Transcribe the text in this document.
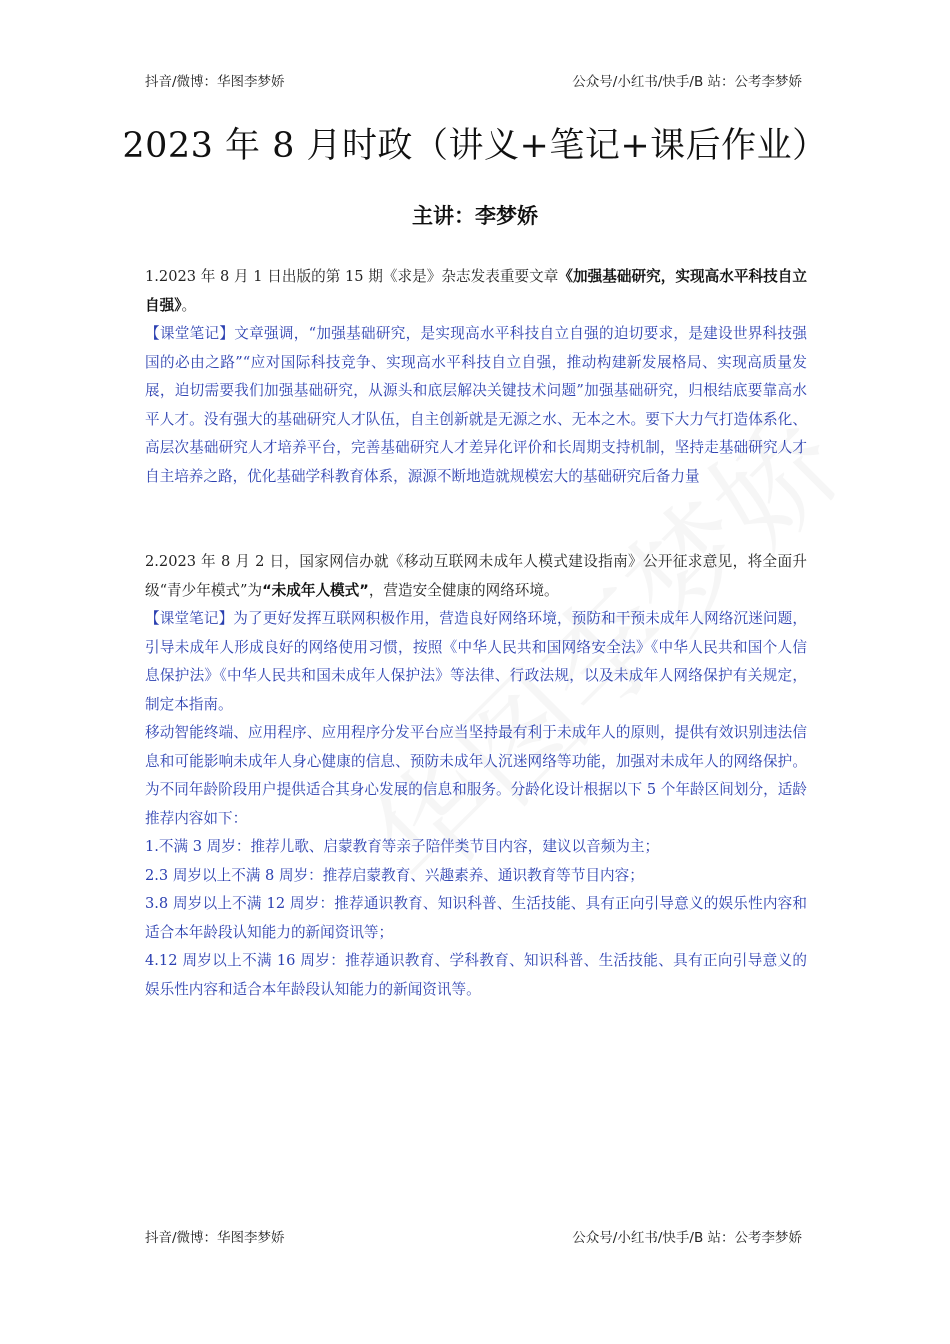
抖音/微博：华图李梦娇	公众号/小红书/快手/B 站：公考李梦娇
2023 年 8 月时政（讲义+笔记+课后作业）
主讲：李梦娇

1.2023 年 8 月 1 日出版的第 15 期《求是》杂志发表重要文章《加强基础研究，实现高水平科技自立自强》。

【课堂笔记】文章强调，“加强基础研究，是实现高水平科技自立自强的迫切要求，是建设世界科技强国的必由之路”“应对国际科技竞争、实现高水平科技自立自强，推动构建新发展格局、实现高质量发展，迫切需要我们加强基础研究，从源头和底层解决关键技术问题”加强基础研究，归根结底要靠高水平人才。没有强大的基础研究人才队伍，自主创新就是无源之水、无本之木。要下大力气打造体系化、高层次基础研究人才培养平台，完善基础研究人才差异化评价和长周期支持机制，坚持走基础研究人才自主培养之路，优化基础学科教育体系，源源不断地造就规模宏大的基础研究后备力量

2.2023 年 8 月 2 日，国家网信办就《移动互联网未成年人模式建设指南》公开征求意见，将全面升级“青少年模式”为“未成年人模式”，营造安全健康的网络环境。

【课堂笔记】为了更好发挥互联网积极作用，营造良好网络环境，预防和干预未成年人网络沉迷问题，引导未成年人形成良好的网络使用习惯，按照《中华人民共和国网络安全法》《中华人民共和国个人信息保护法》《中华人民共和国未成年人保护法》等法律、行政法规，以及未成年人网络保护有关规定，制定本指南。

移动智能终端、应用程序、应用程序分发平台应当坚持最有利于未成年人的原则，提供有效识别违法信息和可能影响未成年人身心健康的信息、预防未成年人沉迷网络等功能，加强对未成年人的网络保护。为不同年龄阶段用户提供适合其身心发展的信息和服务。分龄化设计根据以下 5 个年龄区间划分，适龄推荐内容如下：

1.不满 3 周岁：推荐儿歌、启蒙教育等亲子陪伴类节目内容，建议以音频为主；

2.3 周岁以上不满 8 周岁：推荐启蒙教育、兴趣素养、通识教育等节目内容；

3.8 周岁以上不满 12 周岁：推荐通识教育、知识科普、生活技能、具有正向引导意义的娱乐性内容和适合本年龄段认知能力的新闻资讯等；

4.12 周岁以上不满 16 周岁：推荐通识教育、学科教育、知识科普、生活技能、具有正向引导意义的娱乐性内容和适合本年龄段认知能力的新闻资讯等。

抖音/微博：华图李梦娇	公众号/小红书/快手/B 站：公考李梦娇
